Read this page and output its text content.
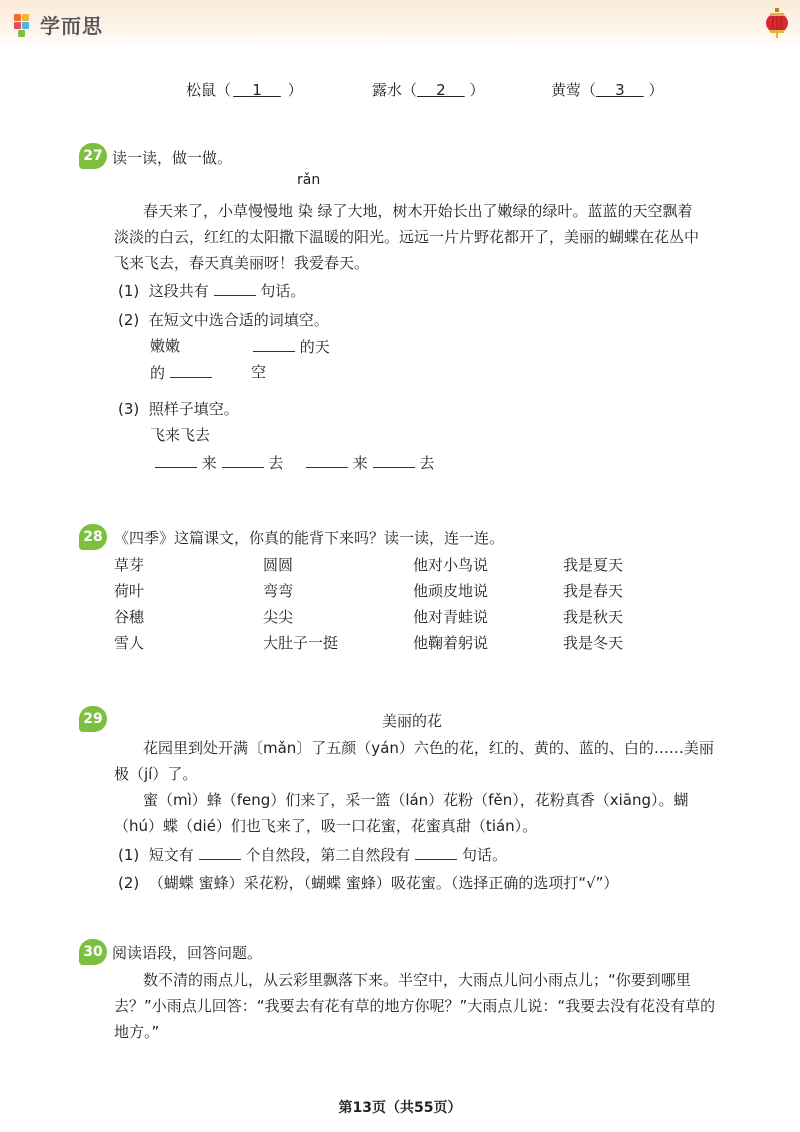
学而思
松鼠（ 1 ）	露水（ 2 ）	黄莺（ 3 ）
27 读一读，做一做。
rǎn
春天来了，小草慢慢地 染 绿了大地，树木开始长出了嫩绿的绿叶。蓝蓝的天空飘着
淡淡的白云，红红的太阳撒下温暖的阳光。远远一片片野花都开了，美丽的蝴蝶在花丛中
飞来飞去，春天真美丽呀！我爱春天。
(1) 这段共有	句话。
(2) 在短文中选合适的词填空。
嫩嫩	的天
的	空
(3) 照样子填空。
飞来飞去
来	去	来	去
28 《四季》这篇课文，你真的能背下来吗？读一读，连一连。
草芽	圆圆	他对小鸟说	我是夏天
荷叶	弯弯	他顽皮地说	我是春天
谷穗	尖尖	他对青蛙说	我是秋天
雪人	大肚子一挺	他鞠着躬说	我是冬天
29	美丽的花
花园里到处开满〔mǎn〕了五颜（yán）六色的花，红的、黄的、蓝的、白的……美丽
极（jí）了。
蜜（mì）蜂（feng）们来了，采一篮（lán）花粉（fěn），花粉真香（xiāng）。蝴
（hú）蝶（dié）们也飞来了，吸一口花蜜，花蜜真甜（tián）。
(1) 短文有	个自然段，第二自然段有	句话。
(2) （蝴蝶 蜜蜂）采花粉，（蝴蝶 蜜蜂）吸花蜜。（选择正确的选项打“√”）
30 阅读语段，回答问题。
数不清的雨点儿，从云彩里飘落下来。半空中，大雨点儿问小雨点儿；“你要到哪里
去？”小雨点儿回答：“我要去有花有草的地方你呢？”大雨点儿说：“我要去没有花没有草的
地方。”
第13页（共55页）
